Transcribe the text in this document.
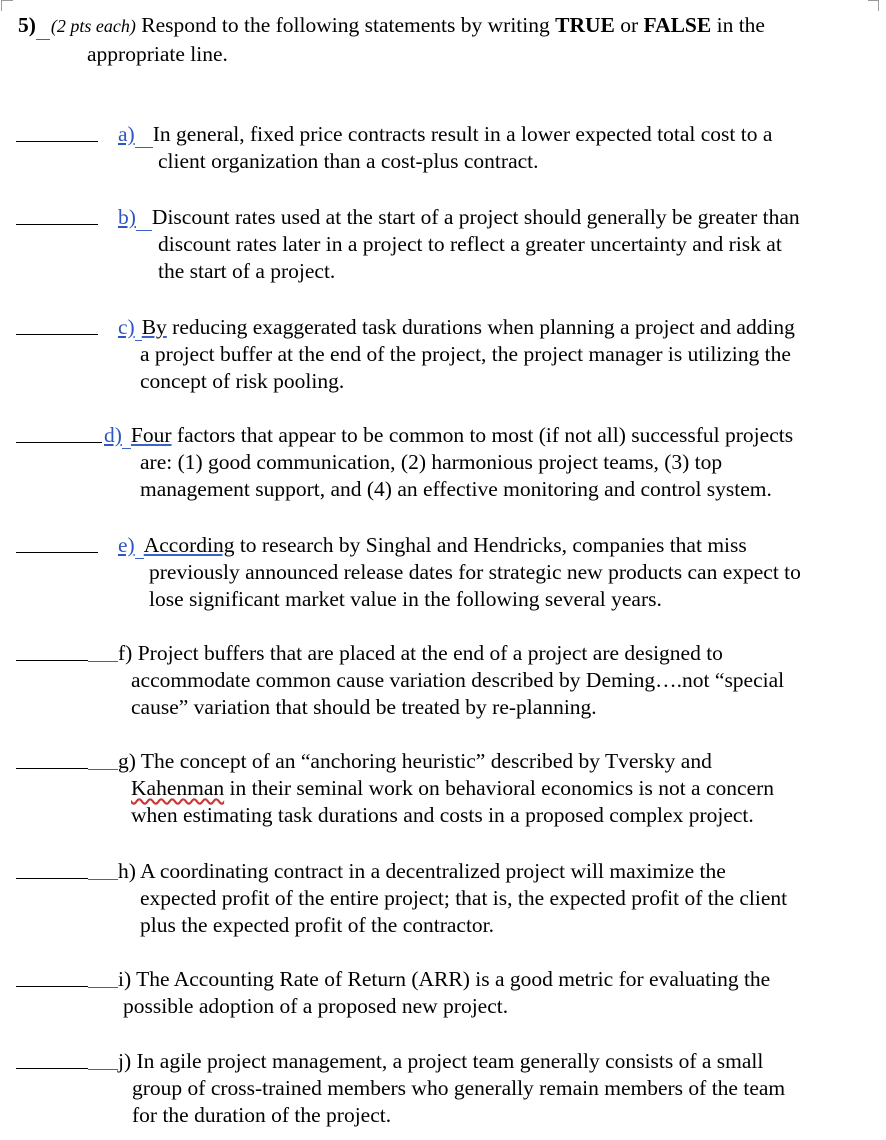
5) (2 pts each) Respond to the following statements by writing TRUE or FALSE in the
appropriate line.
a) In general, fixed price contracts result in a lower expected total cost to a
client organization than a cost-plus contract.
b) Discount rates used at the start of a project should generally be greater than
discount rates later in a project to reflect a greater uncertainty and risk at
the start of a project.
c) By reducing exaggerated task durations when planning a project and adding
a project buffer at the end of the project, the project manager is utilizing the
concept of risk pooling.
d) Four factors that appear to be common to most (if not all) successful projects
are: (1) good communication, (2) harmonious project teams, (3) top
management support, and (4) an effective monitoring and control system.
e) According to research by Singhal and Hendricks, companies that miss
previously announced release dates for strategic new products can expect to
lose significant market value in the following several years.
f) Project buffers that are placed at the end of a project are designed to
accommodate common cause variation described by Deming….not “special
cause” variation that should be treated by re-planning.
g) The concept of an “anchoring heuristic” described by Tversky and
Kahenman in their seminal work on behavioral economics is not a concern
when estimating task durations and costs in a proposed complex project.
h) A coordinating contract in a decentralized project will maximize the
expected profit of the entire project; that is, the expected profit of the client
plus the expected profit of the contractor.
i) The Accounting Rate of Return (ARR) is a good metric for evaluating the
possible adoption of a proposed new project.
j) In agile project management, a project team generally consists of a small
group of cross-trained members who generally remain members of the team
for the duration of the project.
